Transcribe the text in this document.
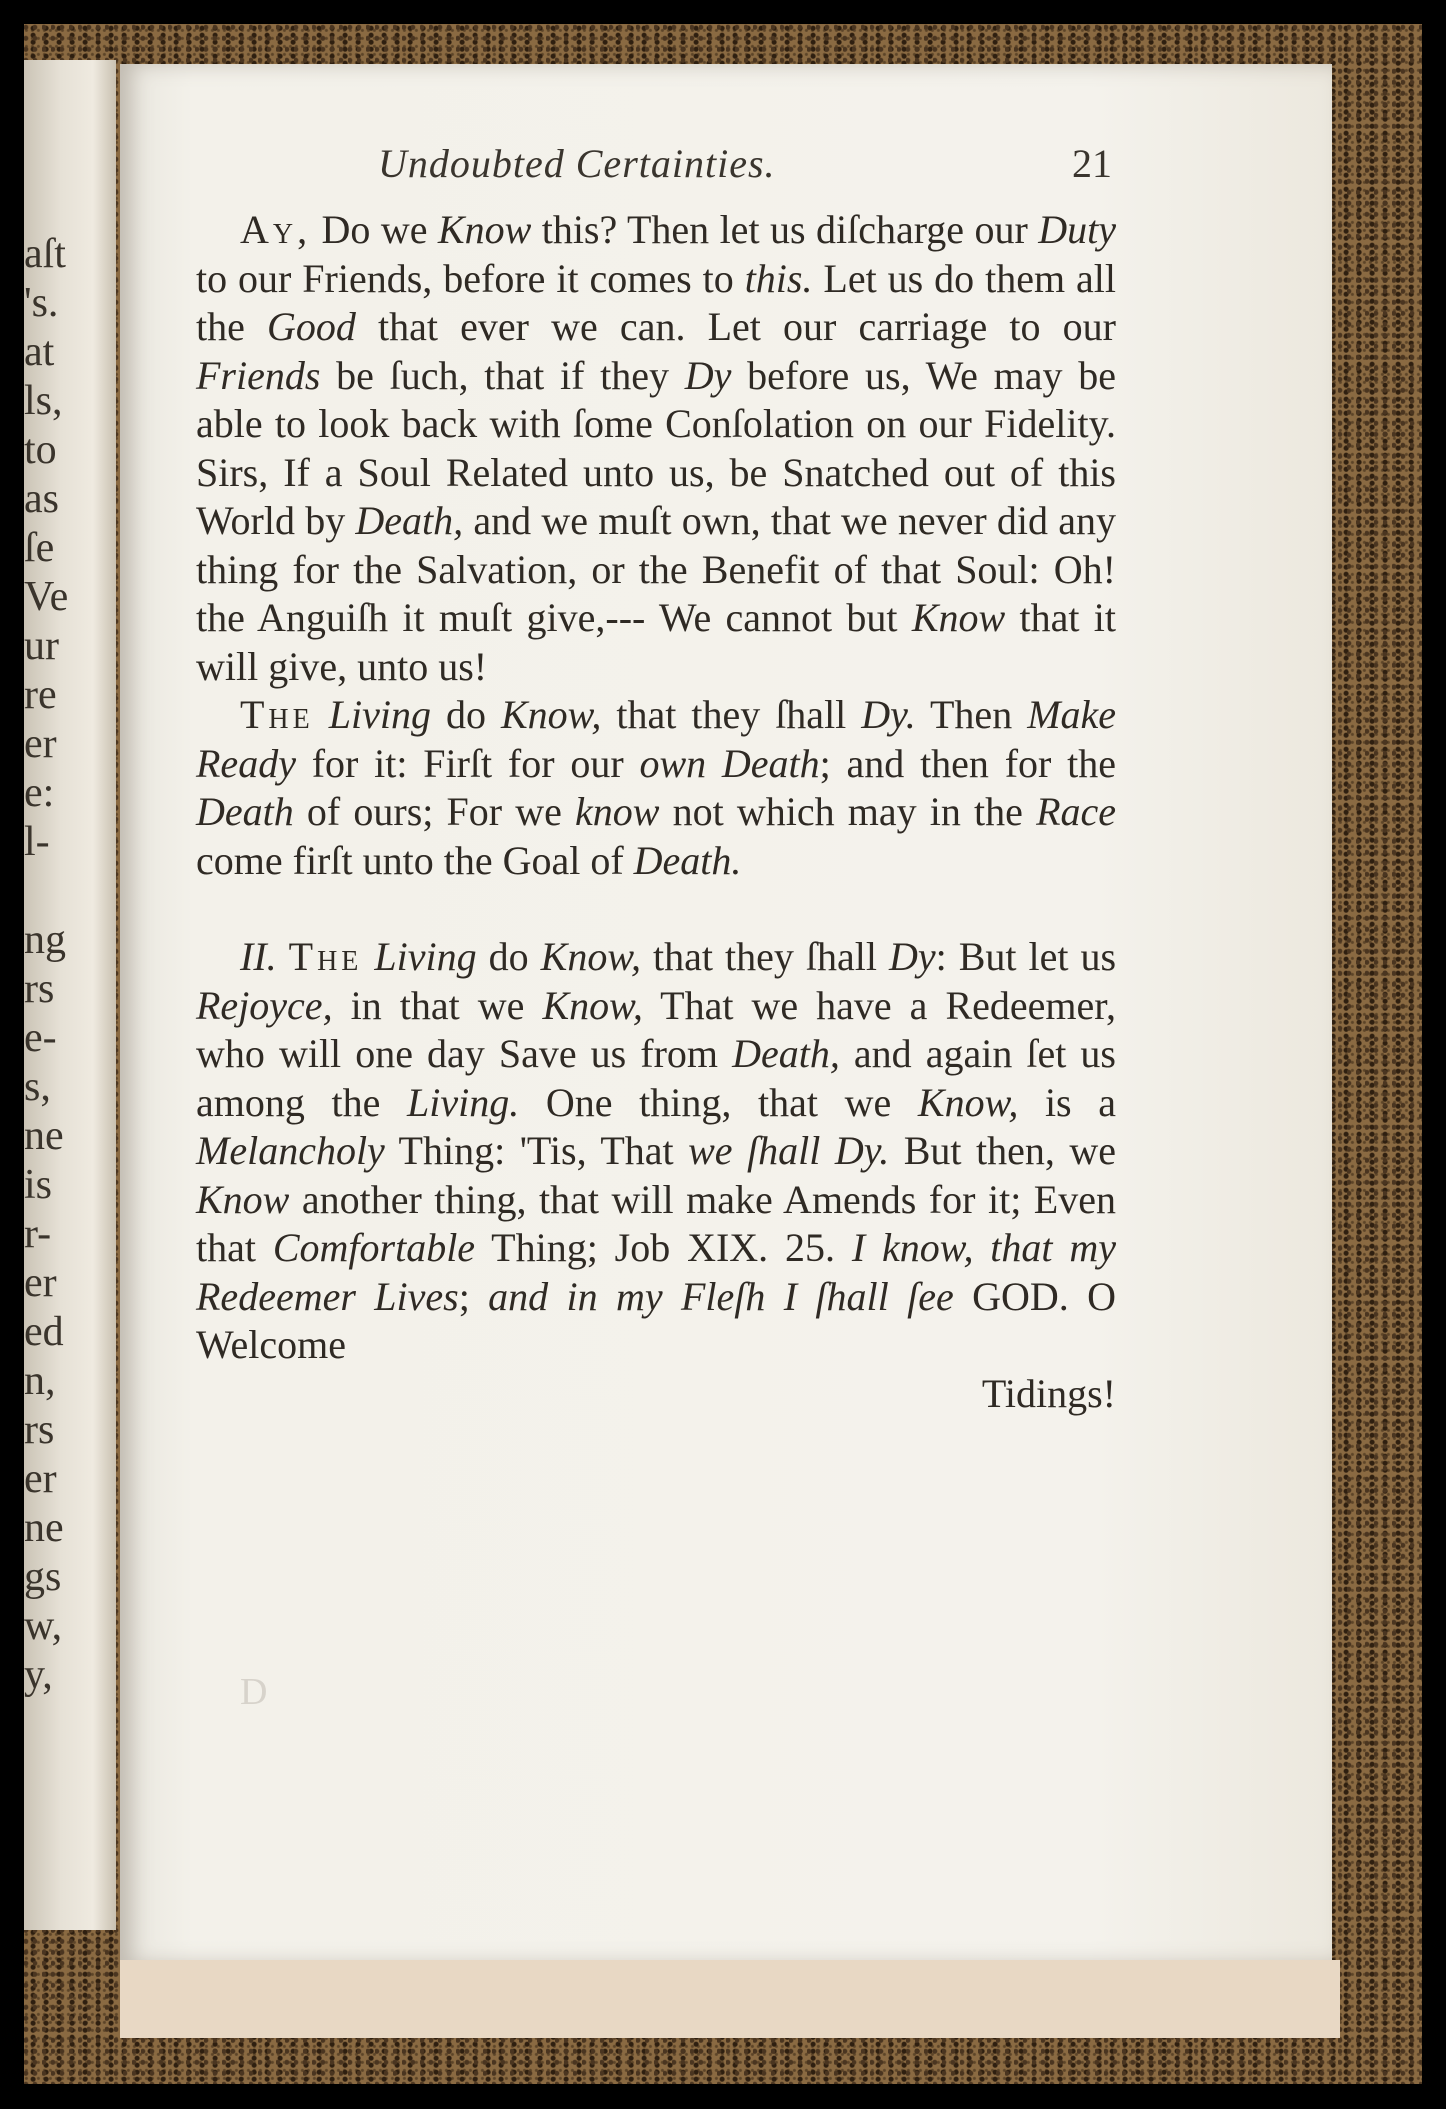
aſt
's.
at
ls,
to
as
ſe
Ve
ur
re
er
e:
l-

ng
rs
e-
s,
ne
is
r-
er
ed
n,
rs
er
ne
gs
w,
y,
Undoubted Certainties.	21

Ay, Do we Know this? Then let us diſcharge our Duty to our Friends, before it comes to this. Let us do them all the Good that ever we can. Let our carriage to our Friends be ſuch, that if they Dy before us, We may be able to look back with ſome Conſolation on our Fidelity. Sirs, If a Soul Related unto us, be Snatched out of this World by Death, and we muſt own, that we never did any thing for the Salvation, or the Benefit of that Soul: Oh! the Anguiſh it muſt give,--- We cannot but Know that it will give, unto us!

The Living do Know, that they ſhall Dy. Then Make Ready for it: Firſt for our own Death; and then for the Death of ours; For we know not which may in the Race come firſt unto the Goal of Death.

II. The Living do Know, that they ſhall Dy: But let us Rejoyce, in that we Know, That we have a Redeemer, who will one day Save us from Death, and again ſet us among the Living. One thing, that we Know, is a Melancholy Thing: 'Tis, That we ſhall Dy. But then, we Know another thing, that will make Amends for it; Even that Comfortable Thing; Job XIX. 25. I know, that my Redeemer Lives; and in my Fleſh I ſhall ſee GOD. O Welcome

Tidings!

D
